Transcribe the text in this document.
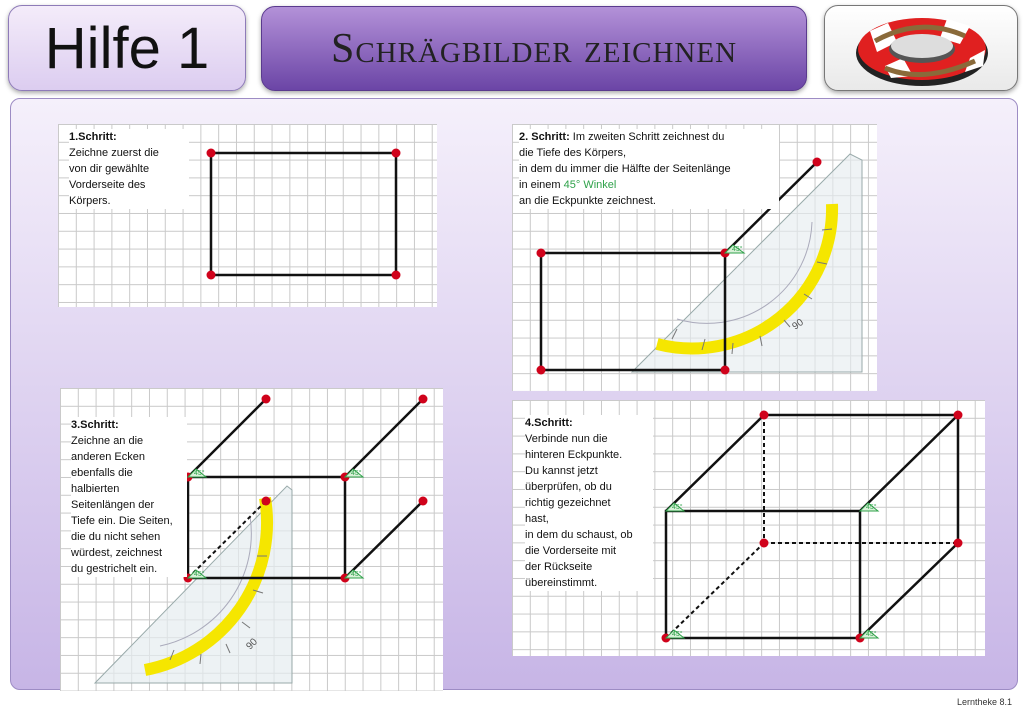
Hilfe 1	Schrägbilder zeichnen
1.Schritt:
Zeichne zuerst die
von dir gewählte
Vorderseite des
Körpers.
90
45°
2. Schritt: Im zweiten Schritt zeichnest du
die Tiefe des Körpers,
in dem du immer die Hälfte der Seitenlänge
in einem 45° Winkel
an die Eckpunkte zeichnest.
90
45°	45°
45°
45°
3.Schritt:
Zeichne an die
anderen Ecken
ebenfalls die
halbierten
Seitenlängen der
Tiefe ein. Die Seiten,
die du nicht sehen
würdest, zeichnest
du gestrichelt ein.
45°	45°
45°	45°
4.Schritt:
Verbinde nun die
hinteren Eckpunkte.
Du kannst jetzt
überprüfen, ob du
richtig gezeichnet
hast,
in dem du schaust, ob
die Vorderseite mit
der Rückseite
übereinstimmt.
Lerntheke 8.1
